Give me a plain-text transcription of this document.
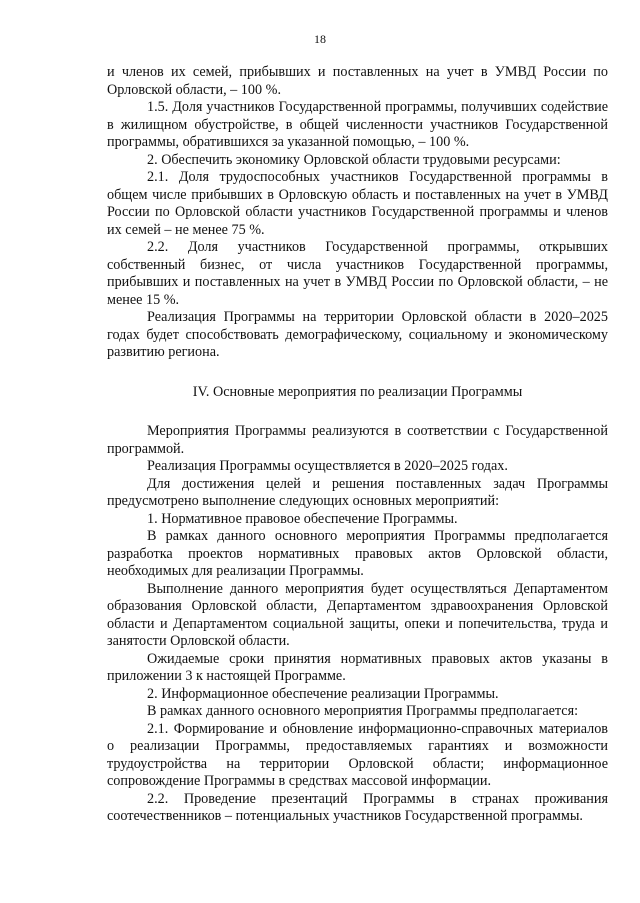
18

и членов их семей, прибывших и поставленных на учет в УМВД России по Орловской области, – 100 %.

1.5. Доля участников Государственной программы, получивших содействие в жилищном обустройстве, в общей численности участников Государственной программы, обратившихся за указанной помощью, – 100 %.

2. Обеспечить экономику Орловской области трудовыми ресурсами:

2.1. Доля трудоспособных участников Государственной программы в общем числе прибывших в Орловскую область и поставленных на учет в УМВД России по Орловской области участников Государственной программы и членов их семей – не менее 75 %.

2.2. Доля участников Государственной программы, открывших собственный бизнес, от числа участников Государственной программы, прибывших и поставленных на учет в УМВД России по Орловской области, – не менее 15 %.

Реализация Программы на территории Орловской области в 2020–2025 годах будет способствовать демографическому, социальному и экономическому развитию региона.

IV. Основные мероприятия по реализации Программы

Мероприятия Программы реализуются в соответствии с Государственной программой.

Реализация Программы осуществляется в 2020–2025 годах.

Для достижения целей и решения поставленных задач Программы предусмотрено выполнение следующих основных мероприятий:

1. Нормативное правовое обеспечение Программы.

В рамках данного основного мероприятия Программы предполагается разработка проектов нормативных правовых актов Орловской области, необходимых для реализации Программы.

Выполнение данного мероприятия будет осуществляться Департаментом образования Орловской области, Департаментом здравоохранения Орловской области и Департаментом социальной защиты, опеки и попечительства, труда и занятости Орловской области.

Ожидаемые сроки принятия нормативных правовых актов указаны в приложении 3 к настоящей Программе.

2. Информационное обеспечение реализации Программы.

В рамках данного основного мероприятия Программы предполагается:

2.1. Формирование и обновление информационно-справочных материалов о реализации Программы, предоставляемых гарантиях и возможности трудоустройства на территории Орловской области; информационное сопровождение Программы в средствах массовой информации.

2.2. Проведение презентаций Программы в странах проживания соотечественников – потенциальных участников Государственной программы.
